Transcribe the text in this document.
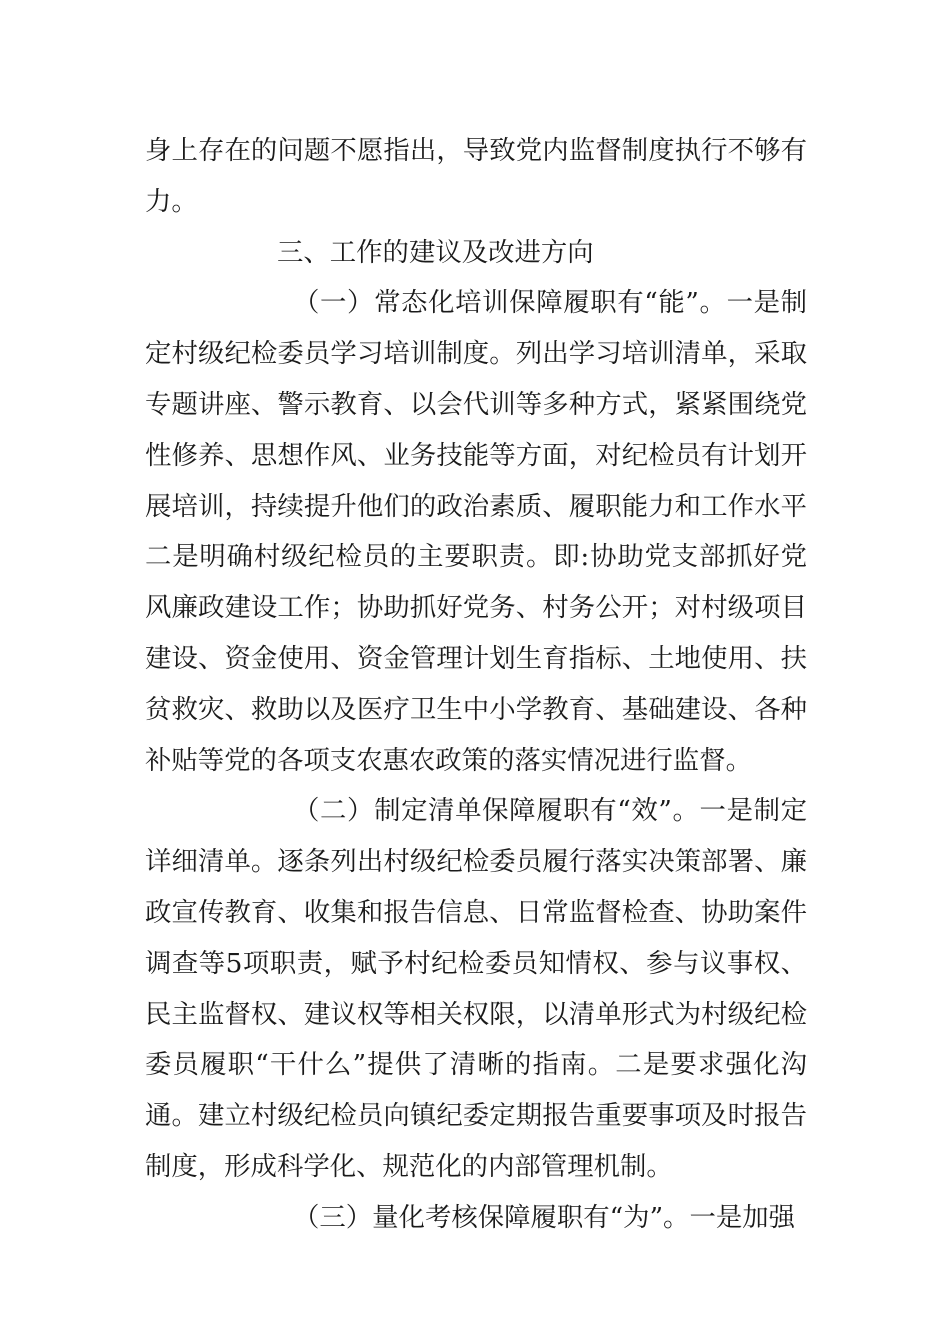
身上存在的问题不愿指出，导致党内监督制度执行不够有力。

三、工作的建议及改进方向

（一）常态化培训保障履职有“能”。一是制定村级纪检委员学习培训制度。列出学习培训清单，采取专题讲座、警示教育、以会代训等多种方式，紧紧围绕党性修养、思想作风、业务技能等方面，对纪检员有计划开展培训，持续提升他们的政治素质、履职能力和工作水平二是明确村级纪检员的主要职责。即:协助党支部抓好党风廉政建设工作；协助抓好党务、村务公开；对村级项目建设、资金使用、资金管理计划生育指标、土地使用、扶贫救灾、救助以及医疗卫生中小学教育、基础建设、各种补贴等党的各项支农惠农政策的落实情况进行监督。

（二）制定清单保障履职有“效”。一是制定详细清单。逐条列出村级纪检委员履行落实决策部署、廉政宣传教育、收集和报告信息、日常监督检查、协助案件调查等5项职责，赋予村纪检委员知情权、参与议事权、民主监督权、建议权等相关权限，以清单形式为村级纪检委员履职“干什么”提供了清晰的指南。二是要求强化沟通。建立村级纪检员向镇纪委定期报告重要事项及时报告制度，形成科学化、规范化的内部管理机制。

（三）量化考核保障履职有“为”。一是加强
